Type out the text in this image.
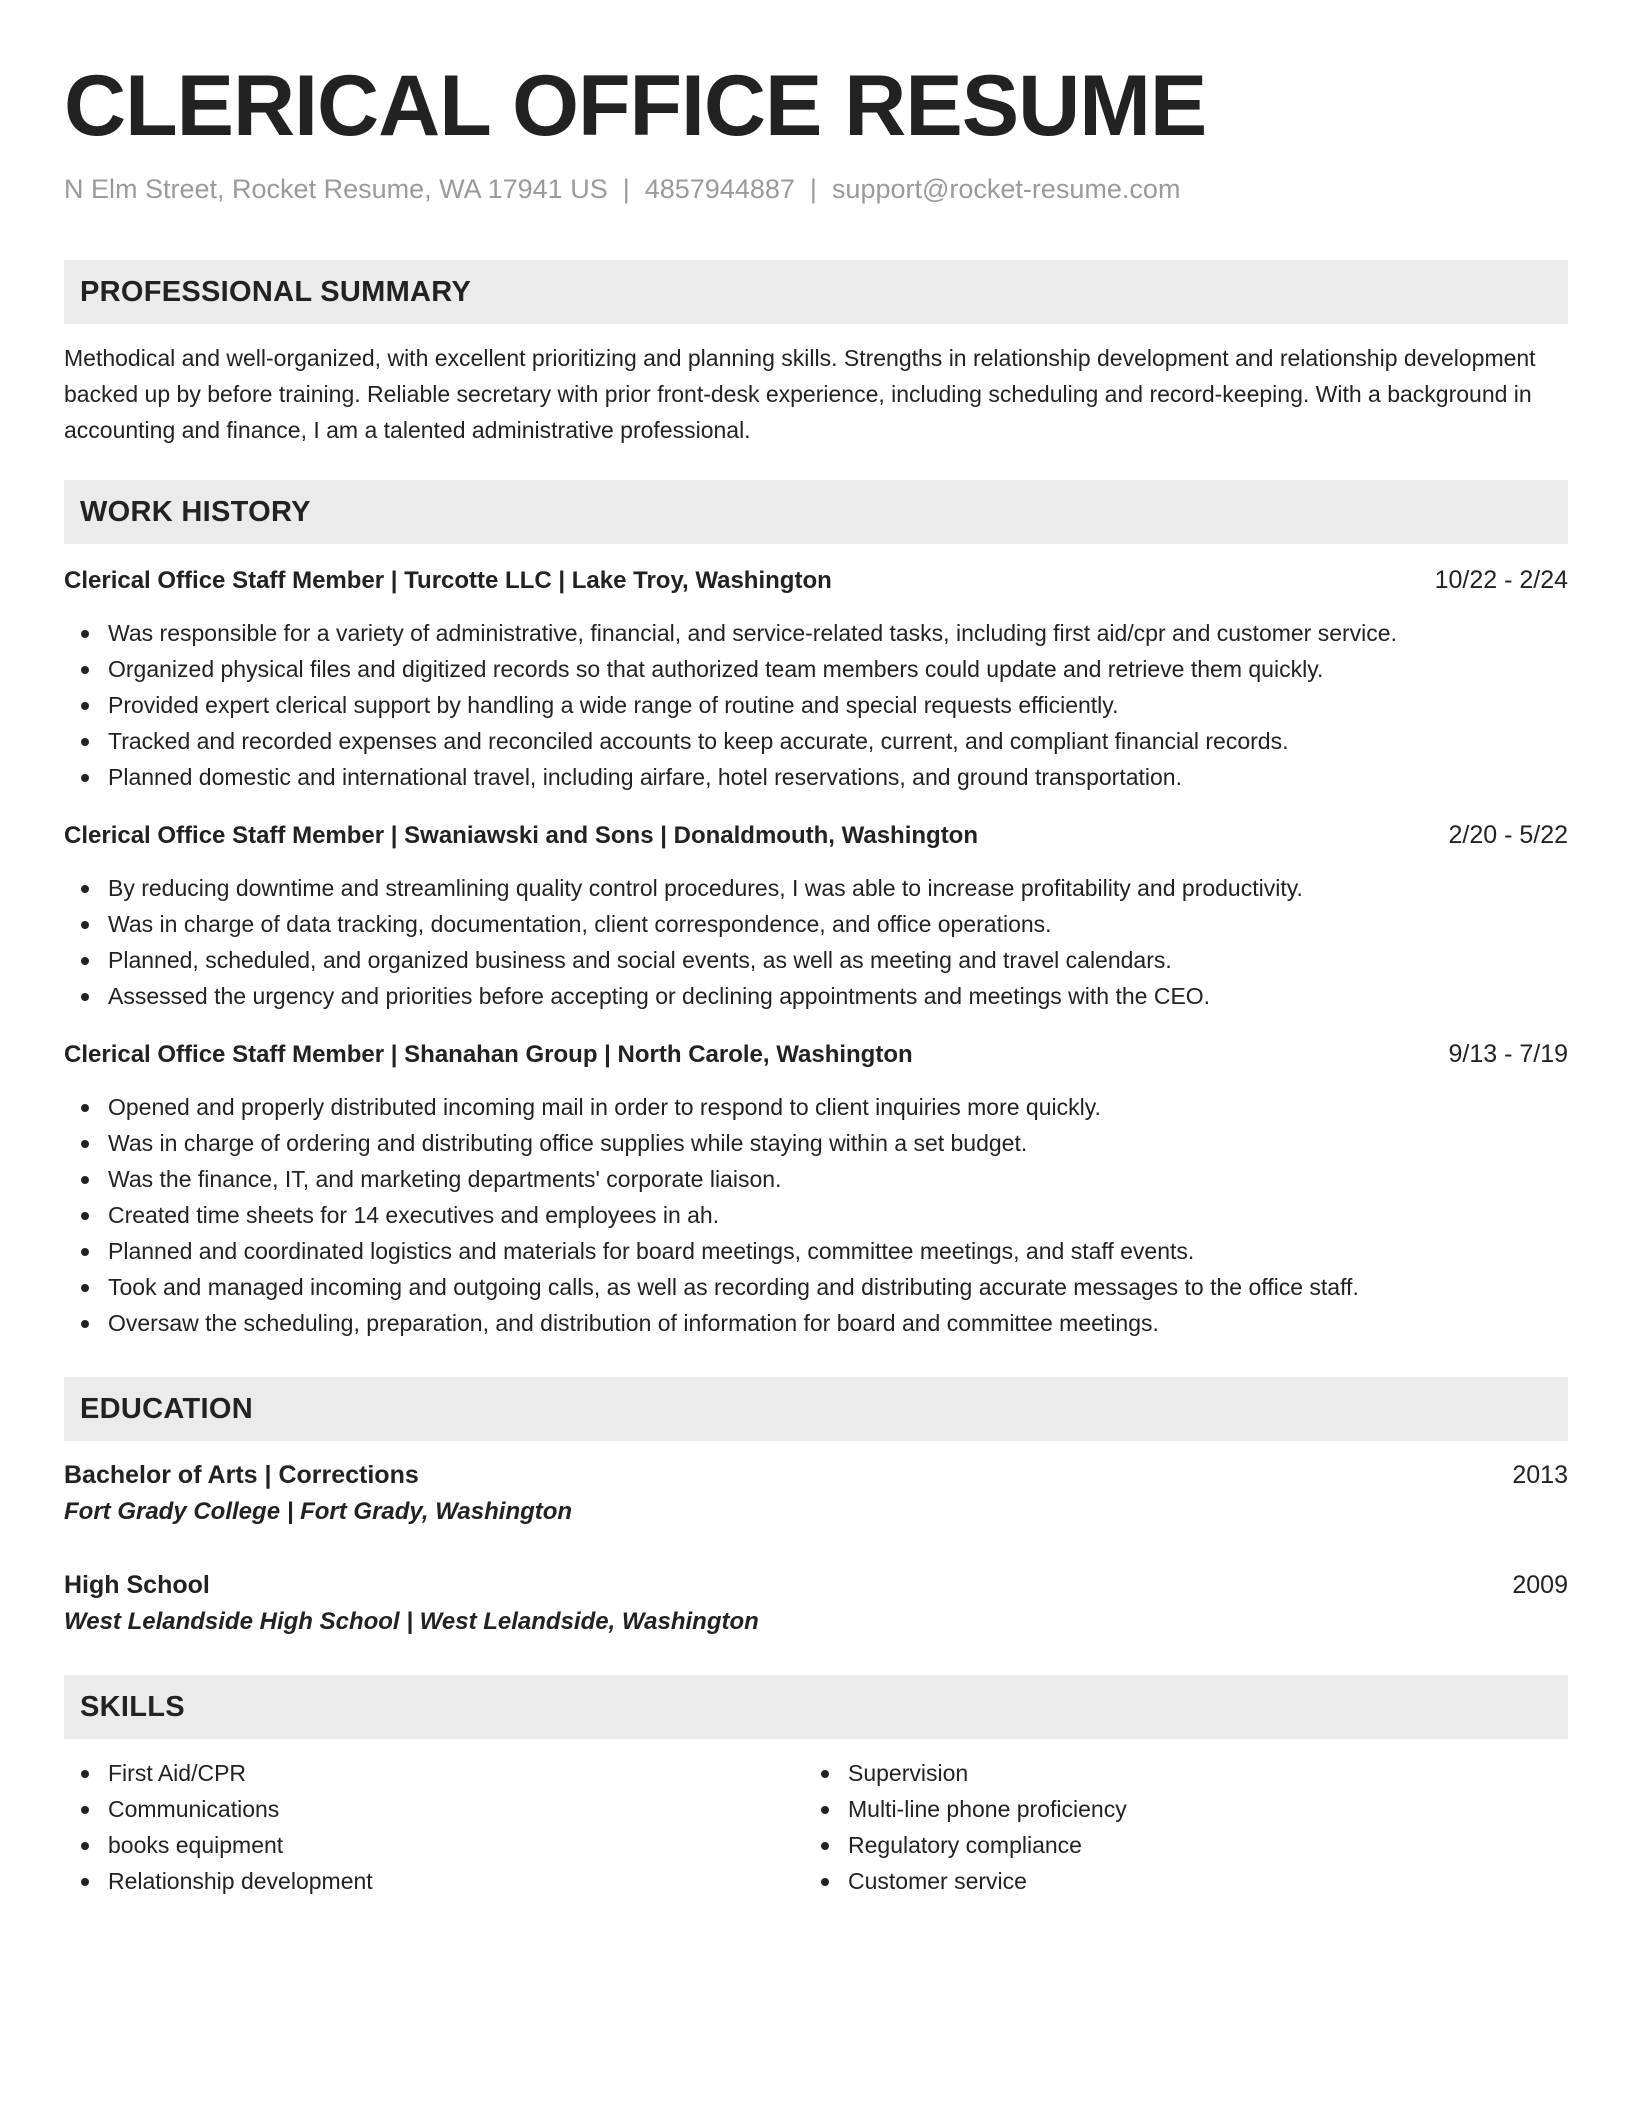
CLERICAL OFFICE RESUME
N Elm Street, Rocket Resume, WA 17941 US | 4857944887 | support@rocket-resume.com
PROFESSIONAL SUMMARY

Methodical and well-organized, with excellent prioritizing and planning skills. Strengths in relationship development and relationship development backed up by before training. Reliable secretary with prior front-desk experience, including scheduling and record-keeping. With a background in accounting and finance, I am a talented administrative professional.

WORK HISTORY
Clerical Office Staff Member | Turcotte LLC | Lake Troy, Washington	10/22 - 2/24
Was responsible for a variety of administrative, financial, and service-related tasks, including first aid/cpr and customer service.
Organized physical files and digitized records so that authorized team members could update and retrieve them quickly.
Provided expert clerical support by handling a wide range of routine and special requests efficiently.
Tracked and recorded expenses and reconciled accounts to keep accurate, current, and compliant financial records.
Planned domestic and international travel, including airfare, hotel reservations, and ground transportation.
Clerical Office Staff Member | Swaniawski and Sons | Donaldmouth, Washington	2/20 - 5/22
By reducing downtime and streamlining quality control procedures, I was able to increase profitability and productivity.
Was in charge of data tracking, documentation, client correspondence, and office operations.
Planned, scheduled, and organized business and social events, as well as meeting and travel calendars.
Assessed the urgency and priorities before accepting or declining appointments and meetings with the CEO.
Clerical Office Staff Member | Shanahan Group | North Carole, Washington	9/13 - 7/19
Opened and properly distributed incoming mail in order to respond to client inquiries more quickly.
Was in charge of ordering and distributing office supplies while staying within a set budget.
Was the finance, IT, and marketing departments' corporate liaison.
Created time sheets for 14 executives and employees in ah.
Planned and coordinated logistics and materials for board meetings, committee meetings, and staff events.
Took and managed incoming and outgoing calls, as well as recording and distributing accurate messages to the office staff.
Oversaw the scheduling, preparation, and distribution of information for board and committee meetings.
EDUCATION
Bachelor of Arts | Corrections	2013
Fort Grady College | Fort Grady, Washington
High School	2009
West Lelandside High School | West Lelandside, Washington
SKILLS
First Aid/CPR
Communications
books equipment
Relationship development
Supervision
Multi-line phone proficiency
Regulatory compliance
Customer service
